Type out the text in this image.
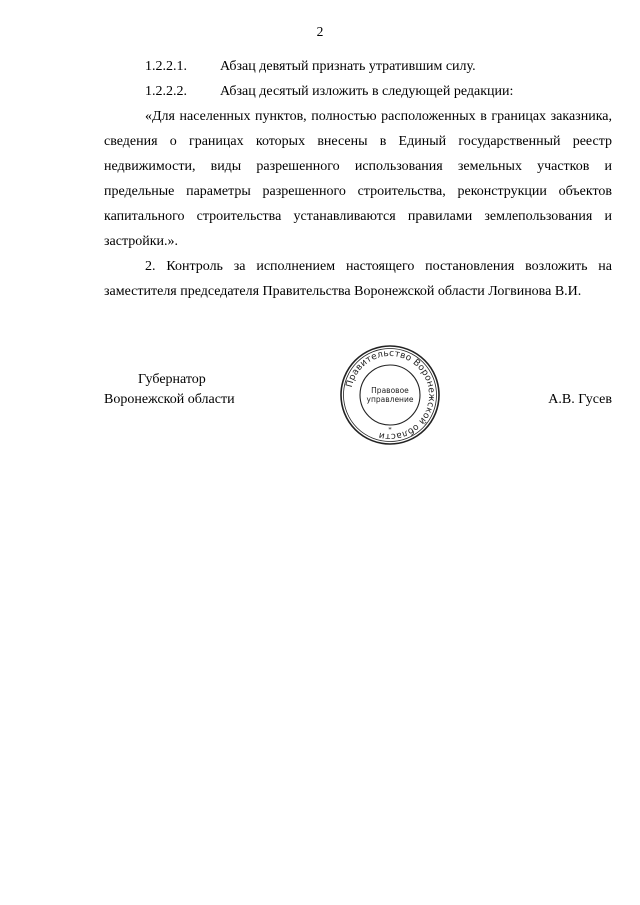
2
1.2.2.1.	Абзац девятый признать утратившим силу.
1.2.2.2.	Абзац десятый изложить в следующей редакции:

«Для населенных пунктов, полностью расположенных в границах заказника, сведения о границах которых внесены в Единый государственный реестр недвижимости, виды разрешенного использования земельных участков и предельные параметры разрешенного строительства, реконструкции объектов капитального строительства устанавливаются правилами землепользования и застройки.».

2. Контроль за исполнением настоящего постановления возложить на заместителя председателя Правительства Воронежской области Логвинова В.И.

Губернатор
Воронежской области	А.В. Гусев
Правительство Воронежской области
Правовое
управление
*
